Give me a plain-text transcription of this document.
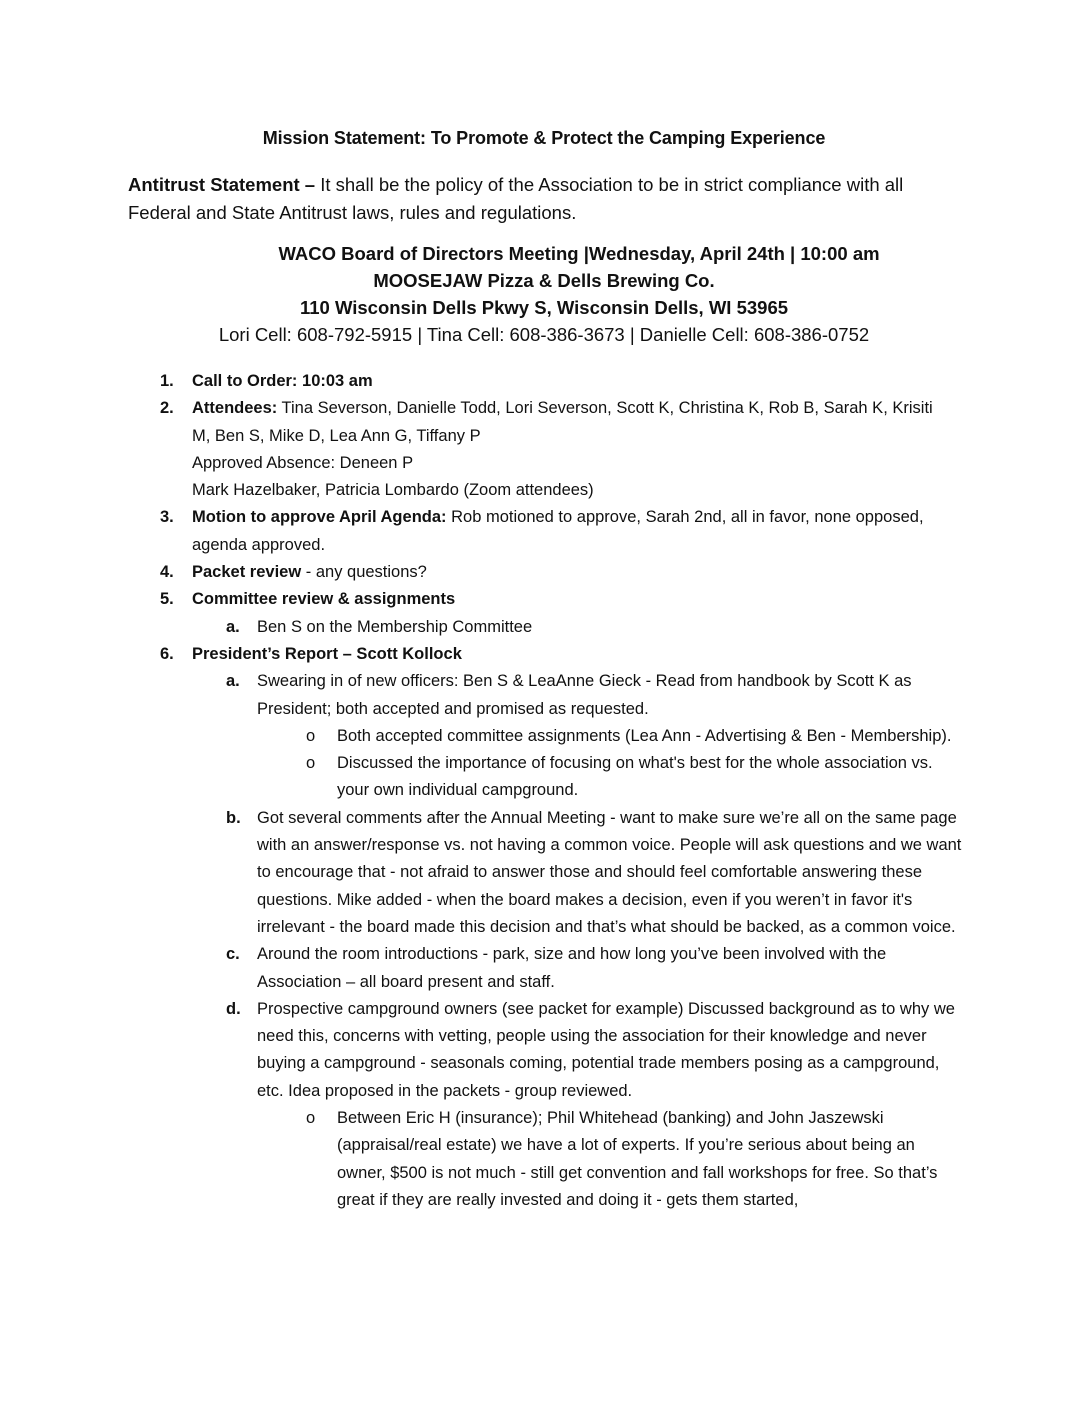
Mission Statement: To Promote & Protect the Camping Experience
Antitrust Statement – It shall be the policy of the Association to be in strict compliance with all Federal and State Antitrust laws, rules and regulations.
WACO Board of Directors Meeting |Wednesday, April 24th | 10:00 am
MOOSEJAW Pizza & Dells Brewing Co.
110 Wisconsin Dells Pkwy S, Wisconsin Dells, WI 53965
Lori Cell: 608-792-5915 | Tina Cell: 608-386-3673 | Danielle Cell: 608-386-0752
1.	Call to Order: 10:03 am
2.	Attendees: Tina Severson, Danielle Todd, Lori Severson, Scott K, Christina K, Rob B, Sarah K, Krisiti M, Ben S, Mike D, Lea Ann G, Tiffany P
Approved Absence: Deneen P
Mark Hazelbaker, Patricia Lombardo (Zoom attendees)
3.	Motion to approve April Agenda: Rob motioned to approve, Sarah 2nd, all in favor, none opposed, agenda approved.
4.	Packet review - any questions?
5.	Committee review & assignments
a.	Ben S on the Membership Committee
6.	President’s Report – Scott Kollock
a.	Swearing in of new officers: Ben S & LeaAnne Gieck - Read from handbook by Scott K as President; both accepted and promised as requested.
o	Both accepted committee assignments (Lea Ann - Advertising & Ben - Membership).
o	Discussed the importance of focusing on what's best for the whole association vs. your own individual campground.
b. Got several comments after the Annual Meeting - want to make sure we’re all on the same page with an answer/response vs. not having a common voice. People will ask questions and we want to encourage that - not afraid to answer those and should feel comfortable answering these questions. Mike added - when the board makes a decision, even if you weren’t in favor it's irrelevant - the board made this decision and that’s what should be backed, as a common voice.
c.	Around the room introductions - park, size and how long you’ve been involved with the Association – all board present and staff.
d. Prospective campground owners (see packet for example) Discussed background as to why we need this, concerns with vetting, people using the association for their knowledge and never buying a campground - seasonals coming, potential trade members posing as a campground, etc. Idea proposed in the packets - group reviewed.
o	Between Eric H (insurance); Phil Whitehead (banking) and John Jaszewski (appraisal/real estate) we have a lot of experts. If you’re serious about being an owner, $500 is not much - still get convention and fall workshops for free. So that’s great if they are really invested and doing it - gets them started,
